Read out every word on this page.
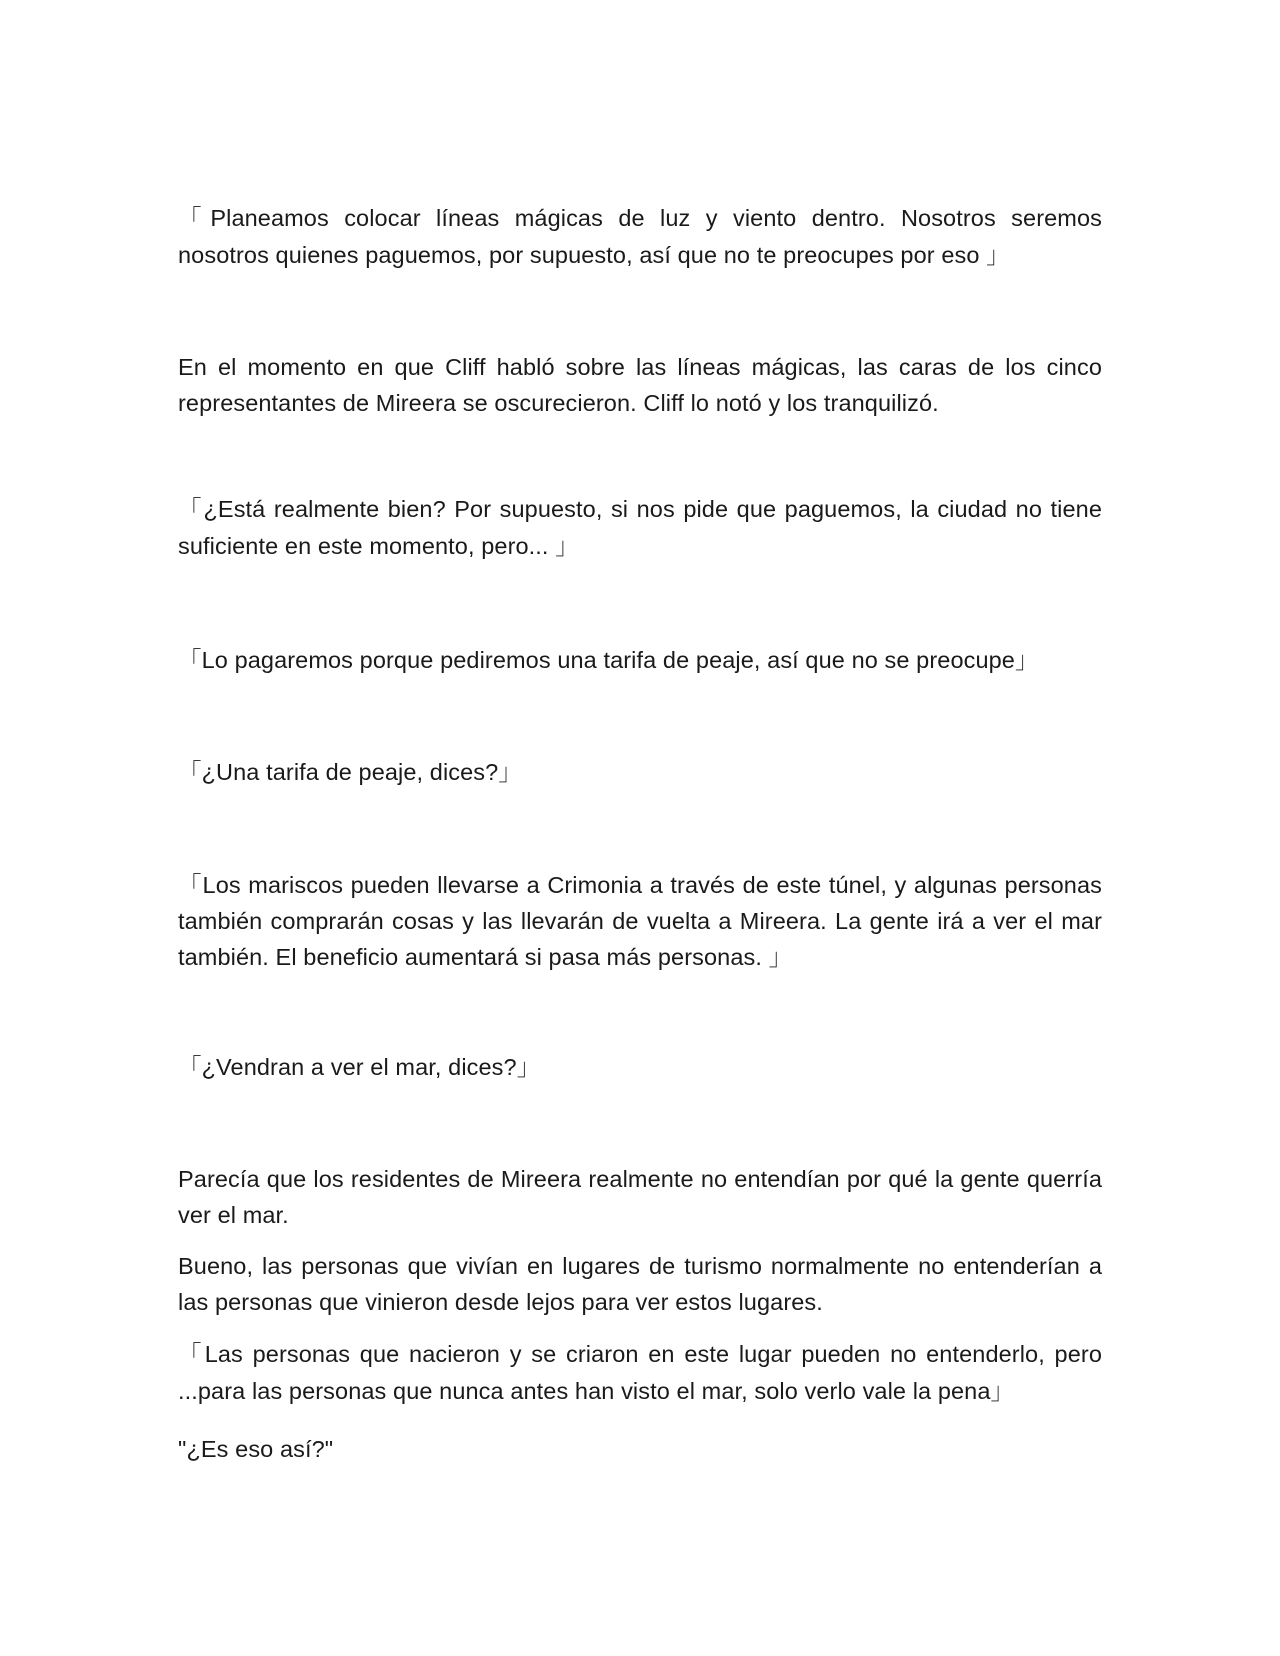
「Planeamos colocar líneas mágicas de luz y viento dentro. Nosotros seremos nosotros quienes paguemos, por supuesto, así que no te preocupes por eso 」

En el momento en que Cliff habló sobre las líneas mágicas, las caras de los cinco representantes de Mireera se oscurecieron. Cliff lo notó y los tranquilizó.

「¿Está realmente bien? Por supuesto, si nos pide que paguemos, la ciudad no tiene suficiente en este momento, pero... 」

「Lo pagaremos porque pediremos una tarifa de peaje, así que no se preocupe」

「¿Una tarifa de peaje, dices?」

「Los mariscos pueden llevarse a Crimonia a través de este túnel, y algunas personas también comprarán cosas y las llevarán de vuelta a Mireera. La gente irá a ver el mar también. El beneficio aumentará si pasa más personas. 」

「¿Vendran a ver el mar, dices?」

Parecía que los residentes de Mireera realmente no entendían por qué la gente querría ver el mar.

Bueno, las personas que vivían en lugares de turismo normalmente no entenderían a las personas que vinieron desde lejos para ver estos lugares.

「Las personas que nacieron y se criaron en este lugar pueden no entenderlo, pero ...para las personas que nunca antes han visto el mar, solo verlo vale la pena」

"¿Es eso así?"
